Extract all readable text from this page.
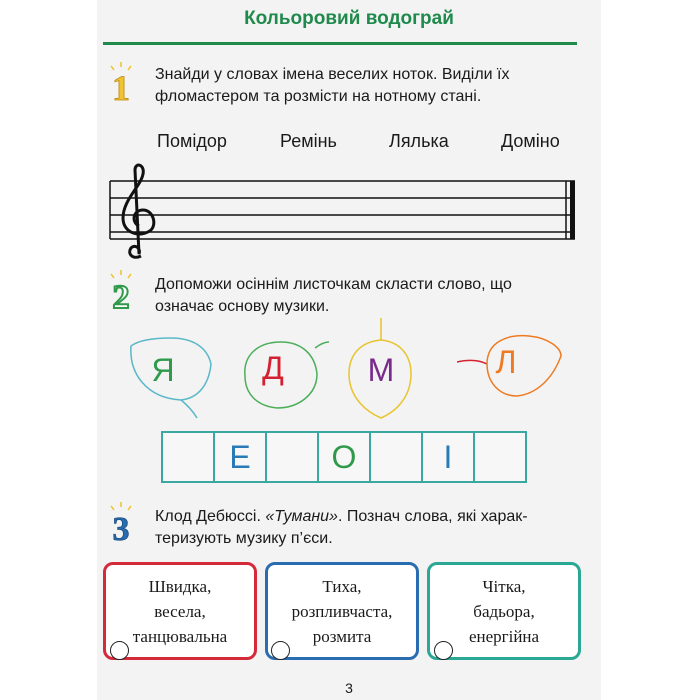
Кольоровий водограй
1 Знайди у словах імена веселих ноток. Виділи їх
фломастером та розмісти на нотному стані.
Помідор	Ремінь	Лялька	Доміно
2 Допоможи осіннім листочкам скласти слово, що
означає основу музики.
Я	Д	М	Л
Е	О	І
3 Клод Дебюссі. «Тумани». Познач слова, які харак-
теризують музику п’єси.
Швидка,
весела,
танцювальна
Тиха,
розпливчаста,
розмита
Чітка,
бадьора,
енергійна
3
